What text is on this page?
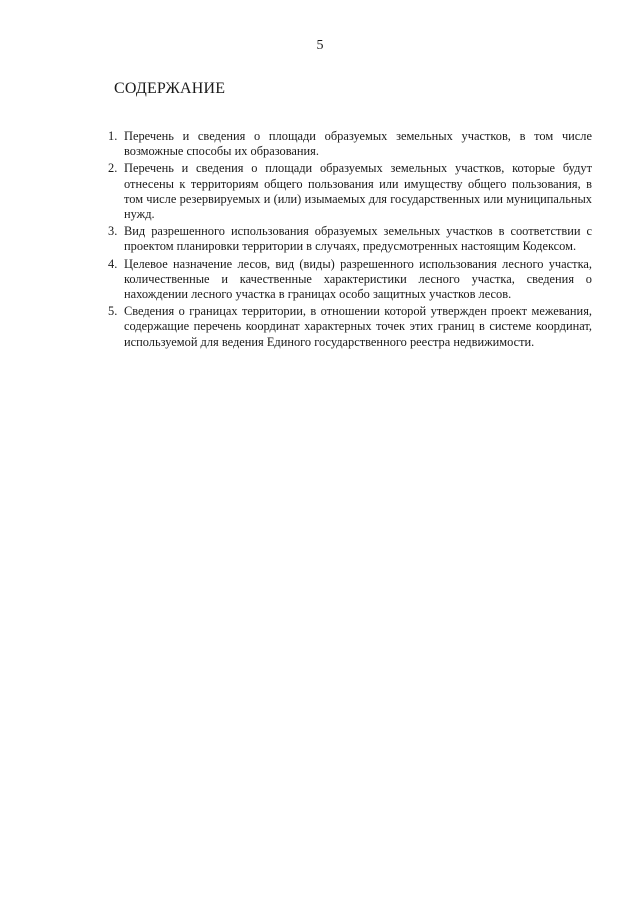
5
СОДЕРЖАНИЕ
1. Перечень и сведения о площади образуемых земельных участков, в том числе возможные способы их образования.
2. Перечень и сведения о площади образуемых земельных участков, которые будут отнесены к территориям общего пользования или имуществу общего пользования, в том числе резервируемых и (или) изымаемых для государственных или муниципальных нужд.
3. Вид разрешенного использования образуемых земельных участков в соответствии с проектом планировки территории в случаях, предусмотренных настоящим Кодексом.
4. Целевое назначение лесов, вид (виды) разрешенного использования лесного участка, количественные и качественные характеристики лесного участка, сведения о нахождении лесного участка в границах особо защитных участков лесов.
5. Сведения о границах территории, в отношении которой утвержден проект межевания, содержащие перечень координат характерных точек этих границ в системе координат, используемой для ведения Единого государственного реестра недвижимости.
